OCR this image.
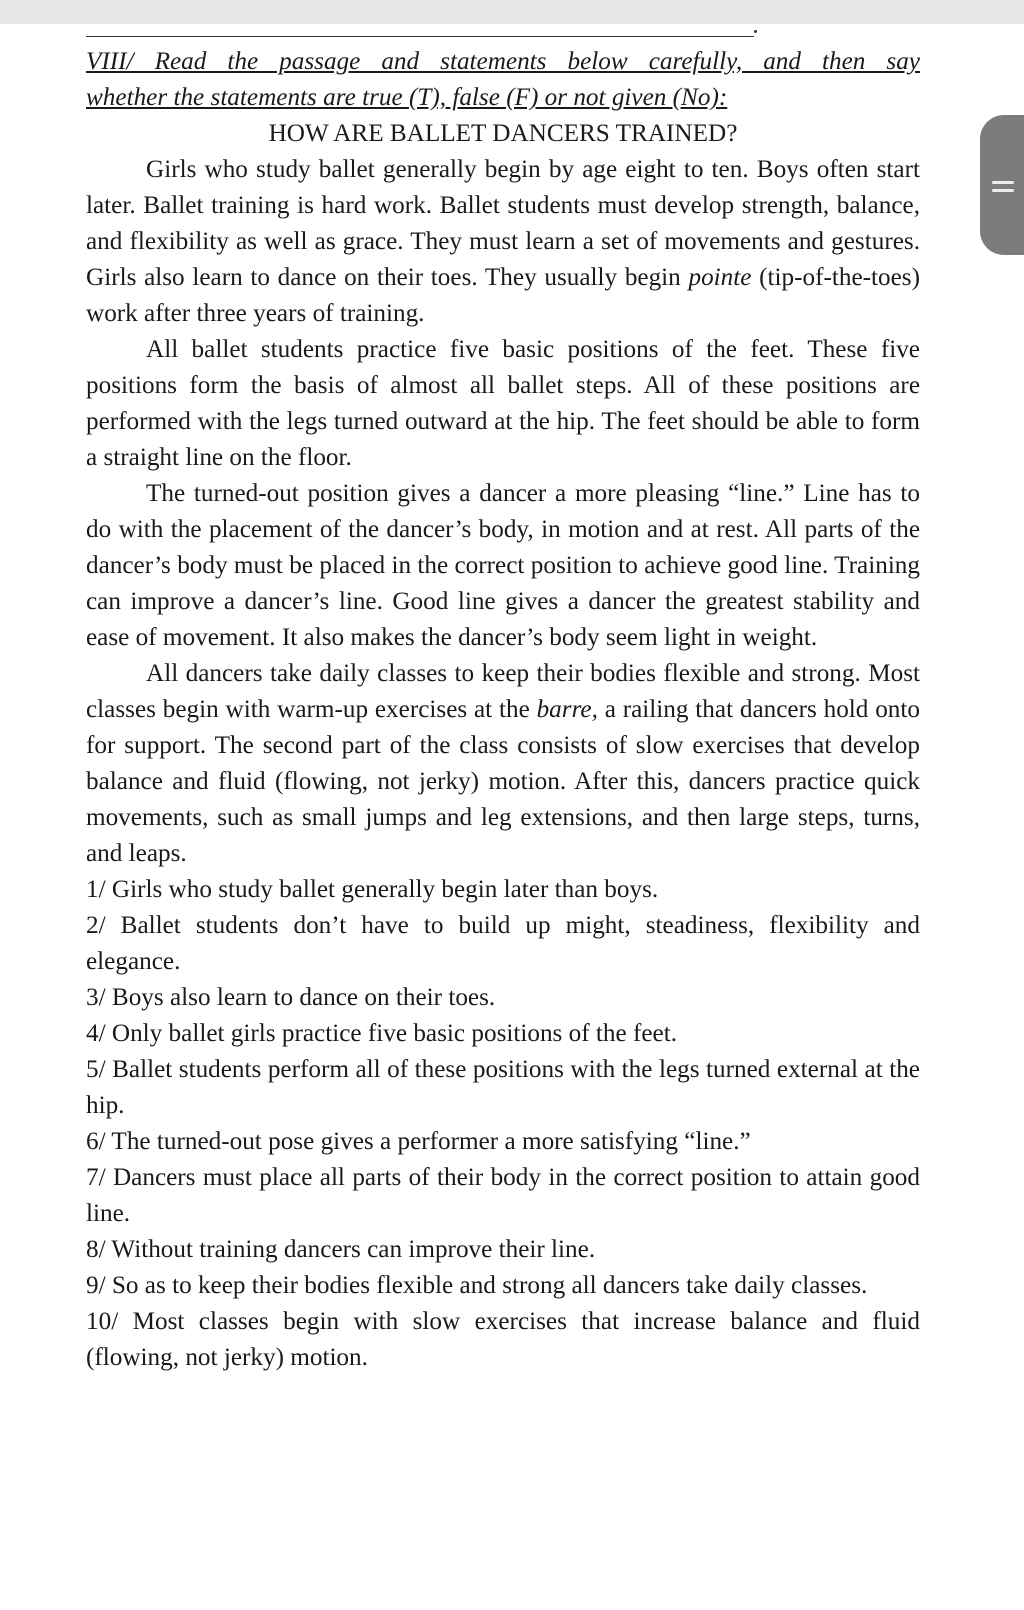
VIII/ Read the passage and statements below carefully, and then say

whether the statements are true (T), false (F) or not given (No):

HOW ARE BALLET DANCERS TRAINED?

Girls who study ballet generally begin by age eight to ten. Boys often start later. Ballet training is hard work. Ballet students must develop strength, balance, and flexibility as well as grace. They must learn a set of movements and gestures. Girls also learn to dance on their toes. They usually begin pointe (tip-of-the-toes) work after three years of training.

All ballet students practice five basic positions of the feet. These five positions form the basis of almost all ballet steps. All of these positions are performed with the legs turned outward at the hip. The feet should be able to form a straight line on the floor.

The turned-out position gives a dancer a more pleasing “line.” Line has to do with the placement of the dancer’s body, in motion and at rest. All parts of the dancer’s body must be placed in the correct position to achieve good line. Training can improve a dancer’s line. Good line gives a dancer the greatest stability and ease of movement. It also makes the dancer’s body seem light in weight.

All dancers take daily classes to keep their bodies flexible and strong. Most classes begin with warm-up exercises at the barre, a railing that dancers hold onto for support. The second part of the class consists of slow exercises that develop balance and fluid (flowing, not jerky) motion. After this, dancers practice quick movements, such as small jumps and leg extensions, and then large steps, turns, and leaps.

1/ Girls who study ballet generally begin later than boys.

2/ Ballet students don’t have to build up might, steadiness, flexibility and elegance.

3/ Boys also learn to dance on their toes.

4/ Only ballet girls practice five basic positions of the feet.

5/ Ballet students perform all of these positions with the legs turned external at the hip.

6/ The turned-out pose gives a performer a more satisfying “line.”

7/ Dancers must place all parts of their body in the correct position to attain good line.

8/ Without training dancers can improve their line.

9/ So as to keep their bodies flexible and strong all dancers take daily classes.

10/ Most classes begin with slow exercises that increase balance and fluid (flowing, not jerky) motion.
